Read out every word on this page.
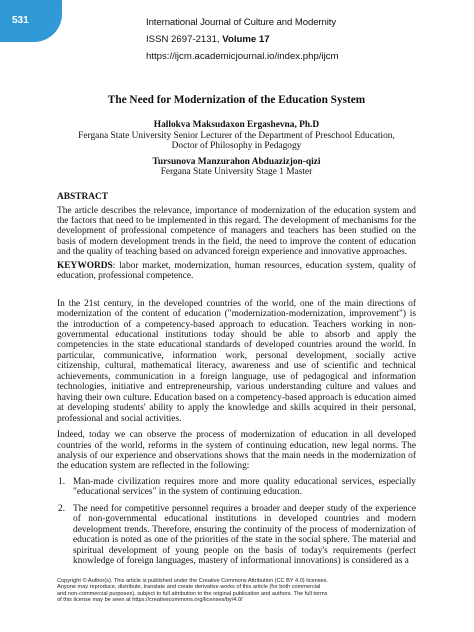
531	International Journal of Culture and Modernity
ISSN 2697-2131, Volume 17
https://ijcm.academicjournal.io/index.php/ijcm
The Need for Modernization of the Education System
Hallokva Maksudaxon Ergashevna, Ph.D
Fergana State University Senior Lecturer of the Department of Preschool Education,
Doctor of Philosophy in Pedagogy
Tursunova Manzurahon Abduazizjon-qizi
Fergana State University Stage 1 Master
ABSTRACT

The article describes the relevance, importance of modernization of the education system and the factors that need to be implemented in this regard. The development of mechanisms for the development of professional competence of managers and teachers has been studied on the basis of modern development trends in the field, the need to improve the content of education and the quality of teaching based on advanced foreign experience and innovative approaches.

KEYWORDS: labor market, modernization, human resources, education system, quality of education, professional competence.

In the 21st century, in the developed countries of the world, one of the main directions of modernization of the content of education ("modernization-modernization, improvement") is the introduction of a competency-based approach to education. Teachers working in non-governmental educational institutions today should be able to absorb and apply the competencies in the state educational standards of developed countries around the world. In particular, communicative, information work, personal development, socially active citizenship, cultural, mathematical literacy, awareness and use of scientific and technical achievements, communication in a foreign language, use of pedagogical and information technologies, initiative and entrepreneurship, various understanding culture and values and having their own culture. Education based on a competency-based approach is education aimed at developing students' ability to apply the knowledge and skills acquired in their personal, professional and social activities.

Indeed, today we can observe the process of modernization of education in all developed countries of the world, reforms in the system of continuing education, new legal norms. The analysis of our experience and observations shows that the main needs in the modernization of the education system are reflected in the following:

1. Man-made civilization requires more and more quality educational services, especially "educational services" in the system of continuing education.
2. The need for competitive personnel requires a broader and deeper study of the experience of non-governmental educational institutions in developed countries and modern development trends. Therefore, ensuring the continuity of the process of modernization of education is noted as one of the priorities of the state in the social sphere. The material and spiritual development of young people on the basis of today's requirements (perfect knowledge of foreign languages, mastery of informational innovations) is considered as a
Copyright © Author(s). This article is published under the Creative Commons Attribution (CC BY 4.0) licenses.
Anyone may reproduce, distribute, translate and create derivative works of this article (for both commercial
and non-commercial purposes), subject to full attribution to the original publication and authors. The full terms
of this license may be seen at https://creativecommons.org/licenses/by/4.0/
